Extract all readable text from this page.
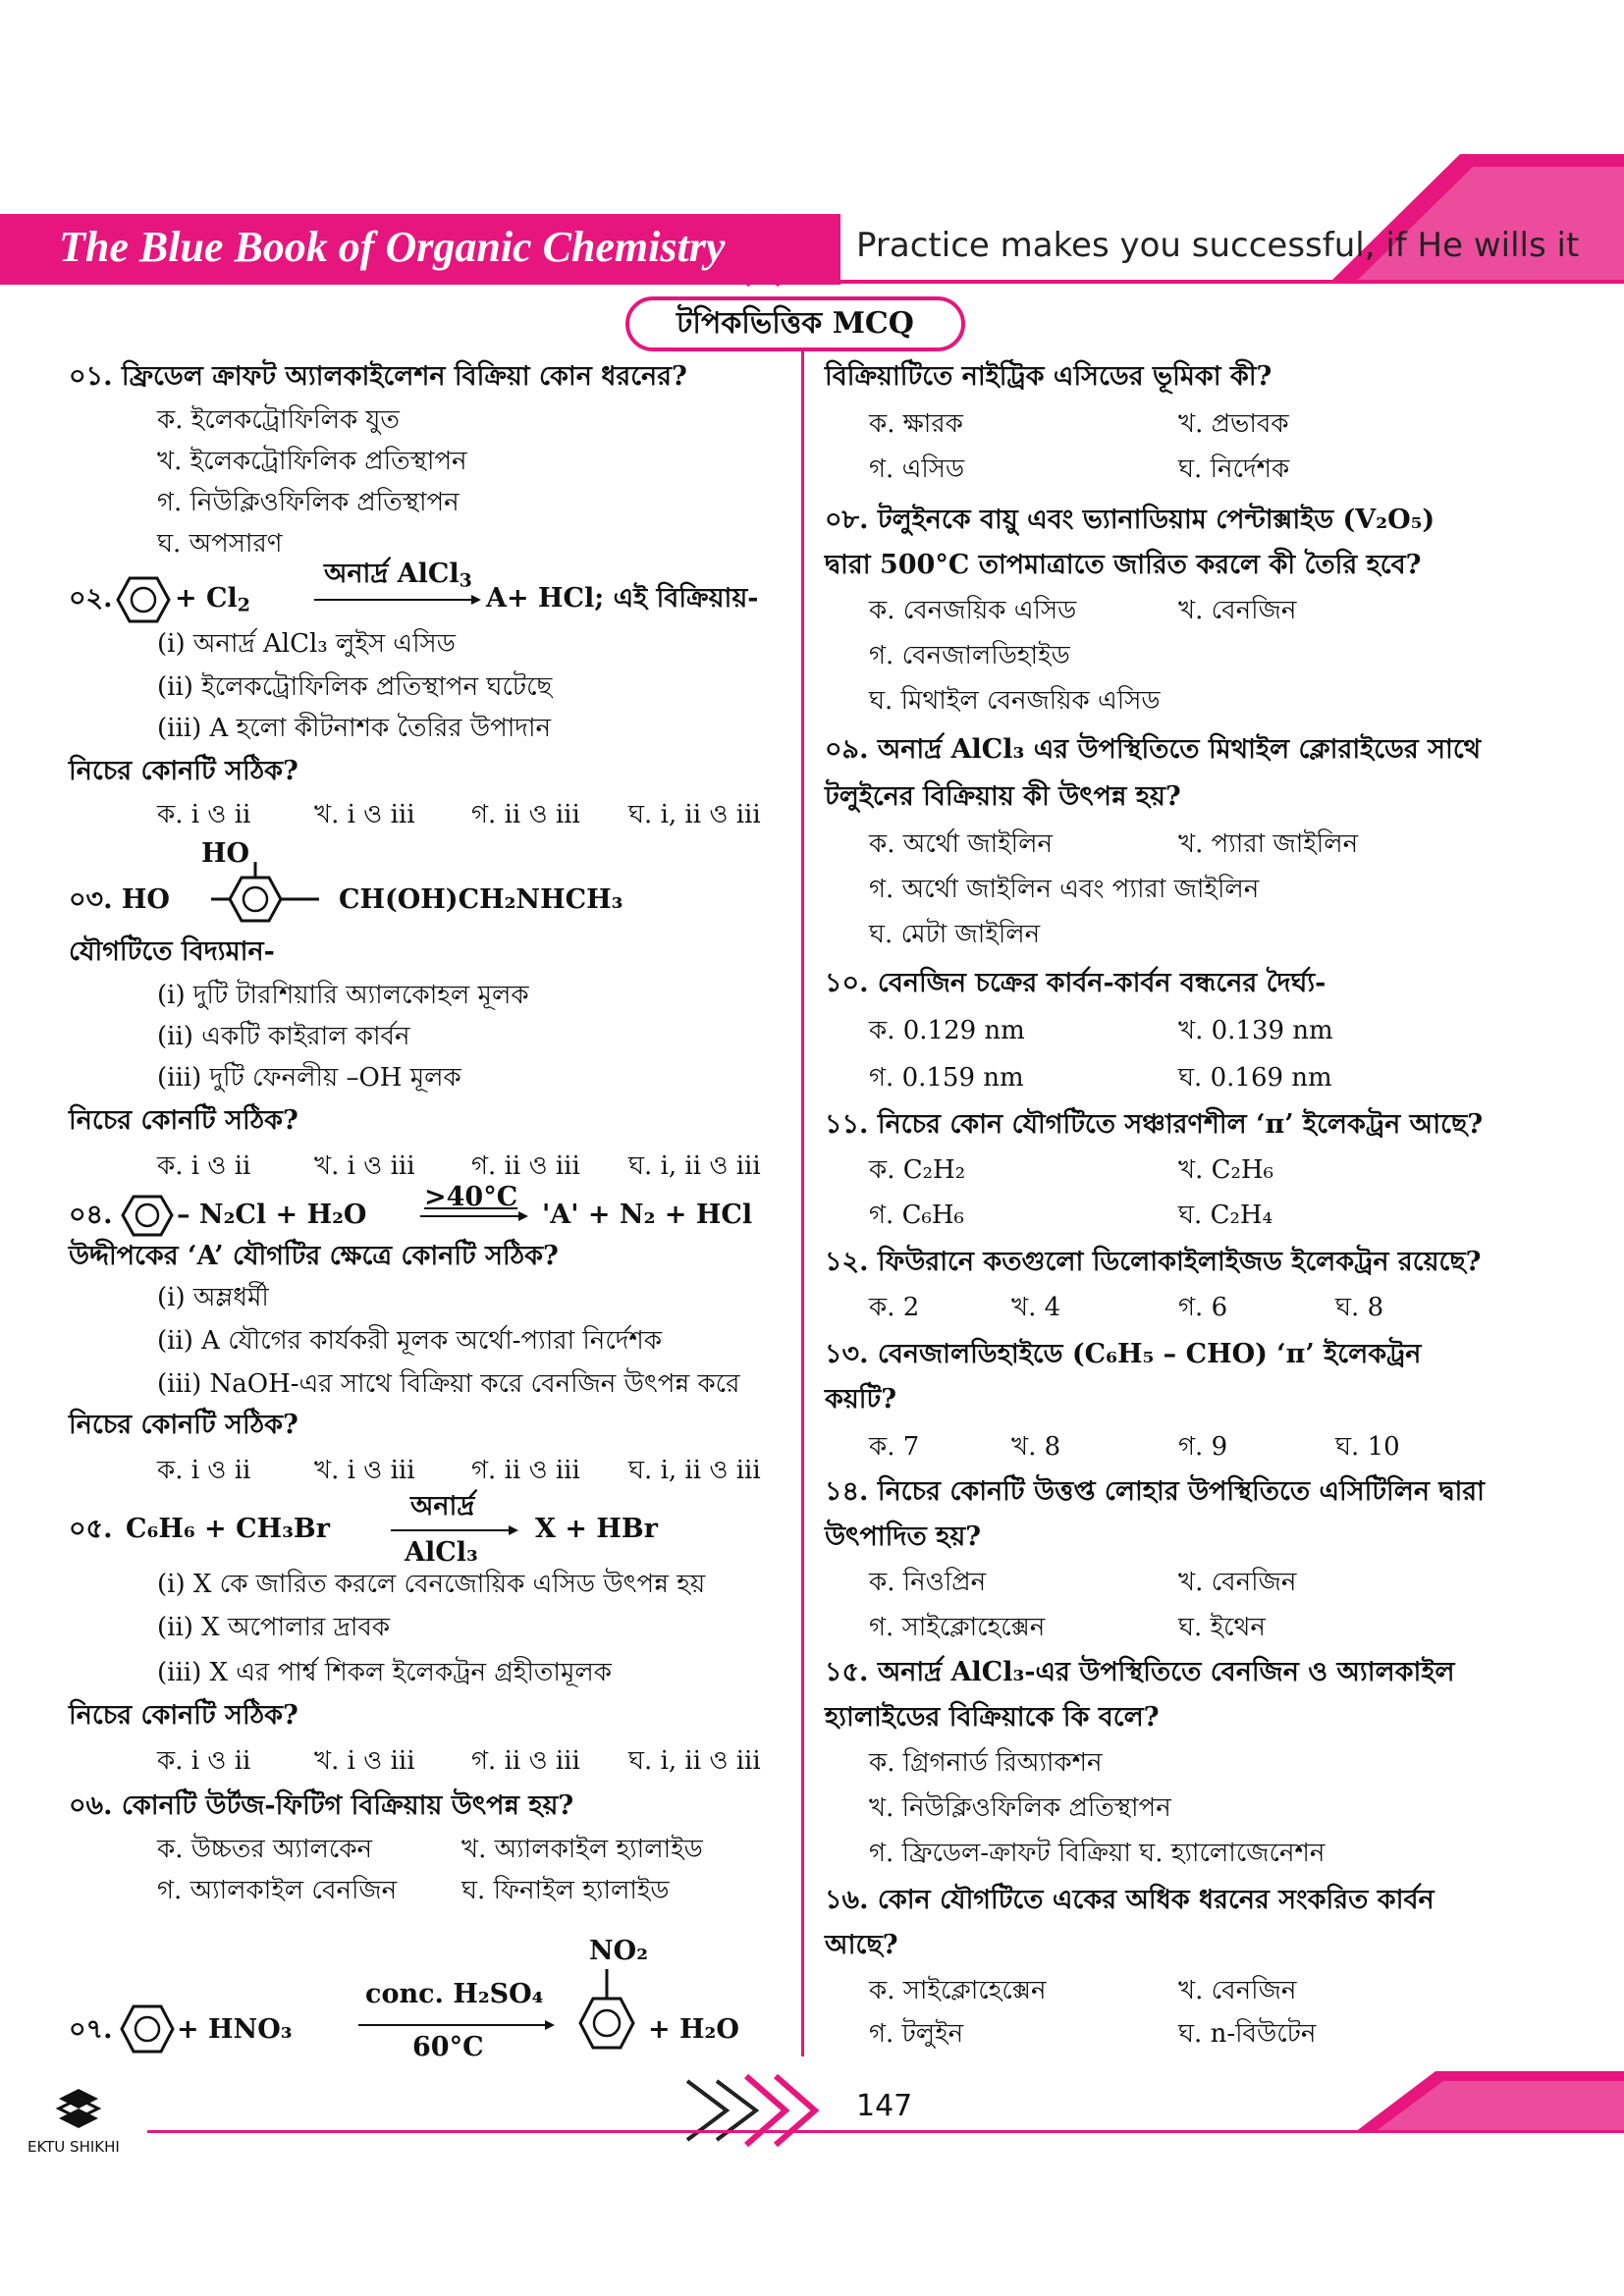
The Blue Book of Organic Chemistry	Practice makes you successful, if He wills it
টপিকভিত্তিক MCQ
০১. ফ্রিডেল ক্রাফট অ্যালকাইলেশন বিক্রিয়া কোন ধরনের?
ক. ইলেকট্রোফিলিক যুত
খ. ইলেকট্রোফিলিক প্রতিস্থাপন
গ. নিউক্লিওফিলিক প্রতিস্থাপন
ঘ. অপসারণ
০২. + $Cl_2$
অনার্দ্র AlCl$_3$
A+ HCl; এই বিক্রিয়ায়-
(i) অনার্দ্র AlCl₃ লুইস এসিড
(ii) ইলেকট্রোফিলিক প্রতিস্থাপন ঘটেছে
(iii) A হলো কীটনাশক তৈরির উপাদান
নিচের কোনটি সঠিক?
ক. i ও ii খ. i ও iii গ. ii ও iii ঘ. i, ii ও iii
HO
০৩. HO	CH(OH)CH₂NHCH₃
যৌগটিতে বিদ্যমান-
(i) দুটি টারশিয়ারি অ্যালকোহল মূলক
(ii) একটি কাইরাল কার্বন
(iii) দুটি ফেনলীয় –OH মূলক
নিচের কোনটি সঠিক?
ক. i ও ii খ. i ও iii গ. ii ও iii ঘ. i, ii ও iii
০৪. – N₂Cl + H₂O
>40°C
'A' + N₂ + HCl
উদ্দীপকের ‘A’ যৌগটির ক্ষেত্রে কোনটি সঠিক?
(i) অম্লধর্মী
(ii) A যৌগের কার্যকরী মূলক অর্থো-প্যারা নির্দেশক
(iii) NaOH-এর সাথে বিক্রিয়া করে বেনজিন উৎপন্ন করে
নিচের কোনটি সঠিক?
ক. i ও ii খ. i ও iii গ. ii ও iii ঘ. i, ii ও iii
০৫. C₆H₆ + CH₃Br
অনার্দ্র
AlCl₃
X + HBr
(i) X কে জারিত করলে বেনজোয়িক এসিড উৎপন্ন হয়
(ii) X অপোলার দ্রাবক
(iii) X এর পার্শ্ব শিকল ইলেকট্রন গ্রহীতামূলক
নিচের কোনটি সঠিক?
ক. i ও ii খ. i ও iii গ. ii ও iii ঘ. i, ii ও iii
০৬. কোনটি উর্টজ-ফিটিগ বিক্রিয়ায় উৎপন্ন হয়?
ক. উচ্চতর অ্যালকেন	খ. অ্যালকাইল হ্যালাইড
গ. অ্যালকাইল বেনজিন	ঘ. ফিনাইল হ্যালাইড
০৭. + HNO₃
conc. H₂SO₄
60°C
NO₂
+ H₂O
বিক্রিয়াটিতে নাইট্রিক এসিডের ভূমিকা কী?
ক. ক্ষারক	খ. প্রভাবক
গ. এসিড	ঘ. নির্দেশক
০৮. টলুইনকে বায়ু এবং ভ্যানাডিয়াম পেন্টাক্সাইড (V₂O₅)
দ্বারা 500°C তাপমাত্রাতে জারিত করলে কী তৈরি হবে?
ক. বেনজয়িক এসিড	খ. বেনজিন
গ. বেনজালডিহাইড
ঘ. মিথাইল বেনজয়িক এসিড
০৯. অনার্দ্র AlCl₃ এর উপস্থিতিতে মিথাইল ক্লোরাইডের সাথে
টলুইনের বিক্রিয়ায় কী উৎপন্ন হয়?
ক. অর্থো জাইলিন	খ. প্যারা জাইলিন
গ. অর্থো জাইলিন এবং প্যারা জাইলিন
ঘ. মেটা জাইলিন
১০. বেনজিন চক্রের কার্বন-কার্বন বন্ধনের দৈর্ঘ্য-
ক. 0.129 nm	খ. 0.139 nm
গ. 0.159 nm	ঘ. 0.169 nm
১১. নিচের কোন যৌগটিতে সঞ্চারণশীল ‘π’ ইলেকট্রন আছে?
ক. C₂H₂	খ. C₂H₆
গ. C₆H₆	ঘ. C₂H₄
১২. ফিউরানে কতগুলো ডিলোকাইলাইজড ইলেকট্রন রয়েছে?
ক. 2	খ. 4	গ. 6	ঘ. 8
১৩. বেনজালডিহাইডে (C₆H₅ – CHO) ‘π’ ইলেকট্রন
কয়টি?
ক. 7	খ. 8	গ. 9	ঘ. 10
১৪. নিচের কোনটি উত্তপ্ত লোহার উপস্থিতিতে এসিটিলিন দ্বারা
উৎপাদিত হয়?
ক. নিওপ্রিন	খ. বেনজিন
গ. সাইক্লোহেক্সেন	ঘ. ইথেন
১৫. অনার্দ্র AlCl₃-এর উপস্থিতিতে বেনজিন ও অ্যালকাইল
হ্যালাইডের বিক্রিয়াকে কি বলে?
ক. গ্রিগনার্ড রিঅ্যাকশন
খ. নিউক্লিওফিলিক প্রতিস্থাপন
গ. ফ্রিডেল-ক্রাফট বিক্রিয়া ঘ. হ্যালোজেনেশন
১৬. কোন যৌগটিতে একের অধিক ধরনের সংকরিত কার্বন
আছে?
ক. সাইক্লোহেক্সেন	খ. বেনজিন
গ. টলুইন	ঘ. n-বিউটেন
147
EKTU SHIKHI
